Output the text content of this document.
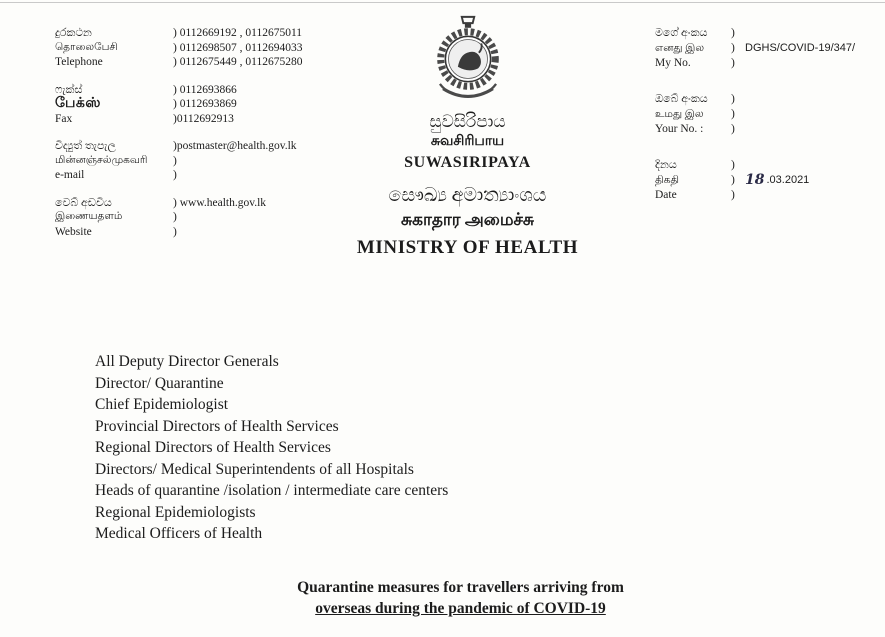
දුරකථන	) 0112669192 , 0112675011
தொலைபேசி	) 0112698507 , 0112694033
Telephone	) 0112675449 , 0112675280
ෆැක්ස්	) 0112693866
பேக்ஸ்	) 0112693869
Fax	)0112692913
විද්‍යුත් තැපැල	)postmaster@health.gov.lk
மின்னஞ்சல்முகவரி	)
e-mail	)
වෙබ් අඩවිය	) www.health.gov.lk
இணையதளம்	)
Website	)
සුවසිරිපාය
சுவசிரிபாய
SUWASIRIPAYA
සෞඛ්‍ය අමාත්‍යාංශය
சுகாதார அமைச்சு
MINISTRY OF HEALTH
මගේ අංකය	)
எனது இல	) DGHS/COVID-19/347/
My No.	)
ඔබේ අංකය	)
உமது இல	)
Your No. :	)
දිනය	)
திகதி	) 18 .03.2021
Date	)
All Deputy Director Generals
Director/ Quarantine
Chief Epidemiologist
Provincial Directors of Health Services
Regional Directors of Health Services
Directors/ Medical Superintendents of all Hospitals
Heads of quarantine /isolation / intermediate care centers
Regional Epidemiologists
Medical Officers of Health
Quarantine measures for travellers arriving from
overseas during the pandemic of COVID-19
